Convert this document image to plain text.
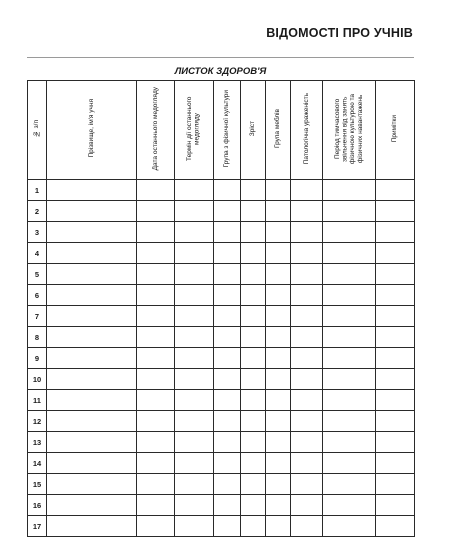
ВІДОМОСТІ ПРО УЧНІВ
ЛИСТОК ЗДОРОВ'Я
№ з/п	Прізвище, ім'я учня	Дата останнього медогляду	Термін дії останнього медогляду	Група з фізичної культури	Зріст	Група меблів	Патологічна ураженість	Період тимчасового звільнення від занять фізичною культурою та фізичних навантажень	Примітки
1									
2									
3									
4									
5									
6									
7									
8									
9									
10									
11									
12									
13									
14									
15									
16									
17									
